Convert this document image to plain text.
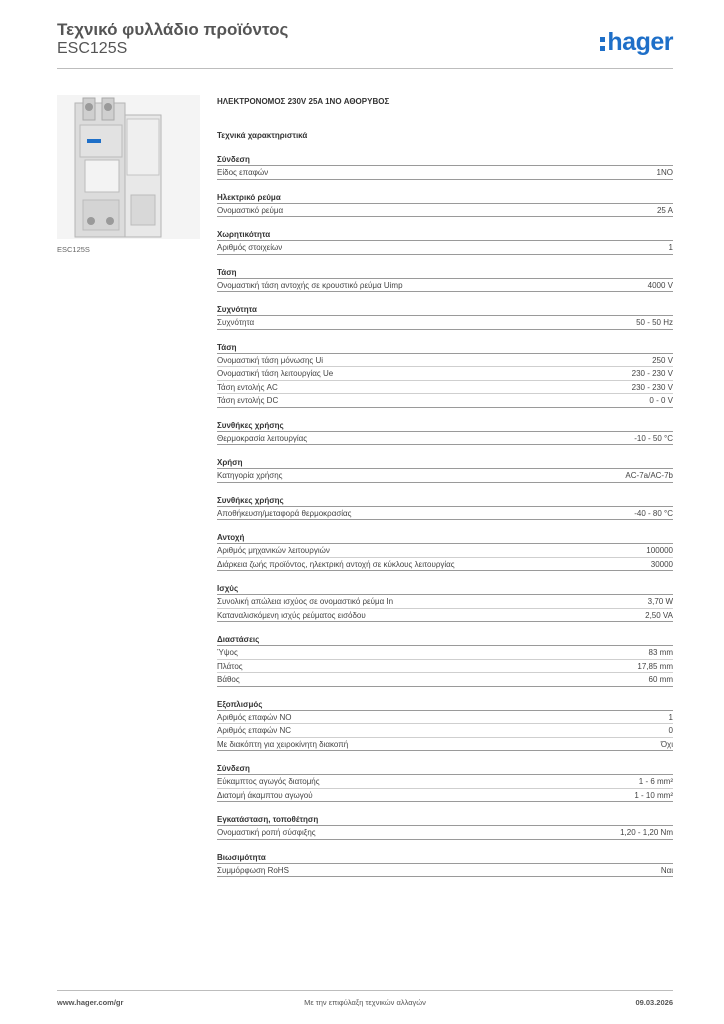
Τεχνικό φυλλάδιο προϊόντος
ESC125S	hager
ESC125S
ΗΛΕΚΤΡΟΝΟΜΟΣ 230V 25A 1NO ΑΘΟΡΥΒΟΣ
Τεχνικά χαρακτηριστικά
Σύνδεση
Είδος επαφών	1NO
Ηλεκτρικό ρεύμα
Ονομαστικό ρεύμα	25 A
Χωρητικότητα
Αριθμός στοιχείων	1
Τάση
Ονομαστική τάση αντοχής σε κρουστικό ρεύμα Uimp	4000 V
Συχνότητα
Συχνότητα	50 - 50 Hz
Τάση
Ονομαστική τάση μόνωσης Ui	250 V
Ονομαστική τάση λειτουργίας Ue	230 - 230 V
Τάση εντολής AC	230 - 230 V
Τάση εντολής DC	0 - 0 V
Συνθήκες χρήσης
Θερμοκρασία λειτουργίας	-10 - 50 °C
Χρήση
Κατηγορία χρήσης	AC-7a/AC-7b
Συνθήκες χρήσης
Αποθήκευση/μεταφορά θερμοκρασίας	-40 - 80 °C
Αντοχή
Αριθμός μηχανικών λειτουργιών	100000
Διάρκεια ζωής προϊόντος, ηλεκτρική αντοχή σε κύκλους λειτουργίας	30000
Ισχύς
Συνολική απώλεια ισχύος σε ονομαστικό ρεύμα In	3,70 W
Καταναλισκόμενη ισχύς ρεύματος εισόδου	2,50 VA
Διαστάσεις
Ύψος	83 mm
Πλάτος	17,85 mm
Βάθος	60 mm
Εξοπλισμός
Αριθμός επαφών NO	1
Αριθμός επαφών NC	0
Με διακόπτη για χειροκίνητη διακοπή	Όχι
Σύνδεση
Εύκαμπτος αγωγός διατομής	1 - 6 mm²
Διατομή άκαμπτου αγωγού	1 - 10 mm²
Εγκατάσταση, τοποθέτηση
Ονομαστική ροπή σύσφιξης	1,20 - 1,20 Nm
Βιωσιμότητα
Συμμόρφωση RoHS	Ναι
www.hager.com/gr	Με την επιφύλαξη τεχνικών αλλαγών	09.03.2026
